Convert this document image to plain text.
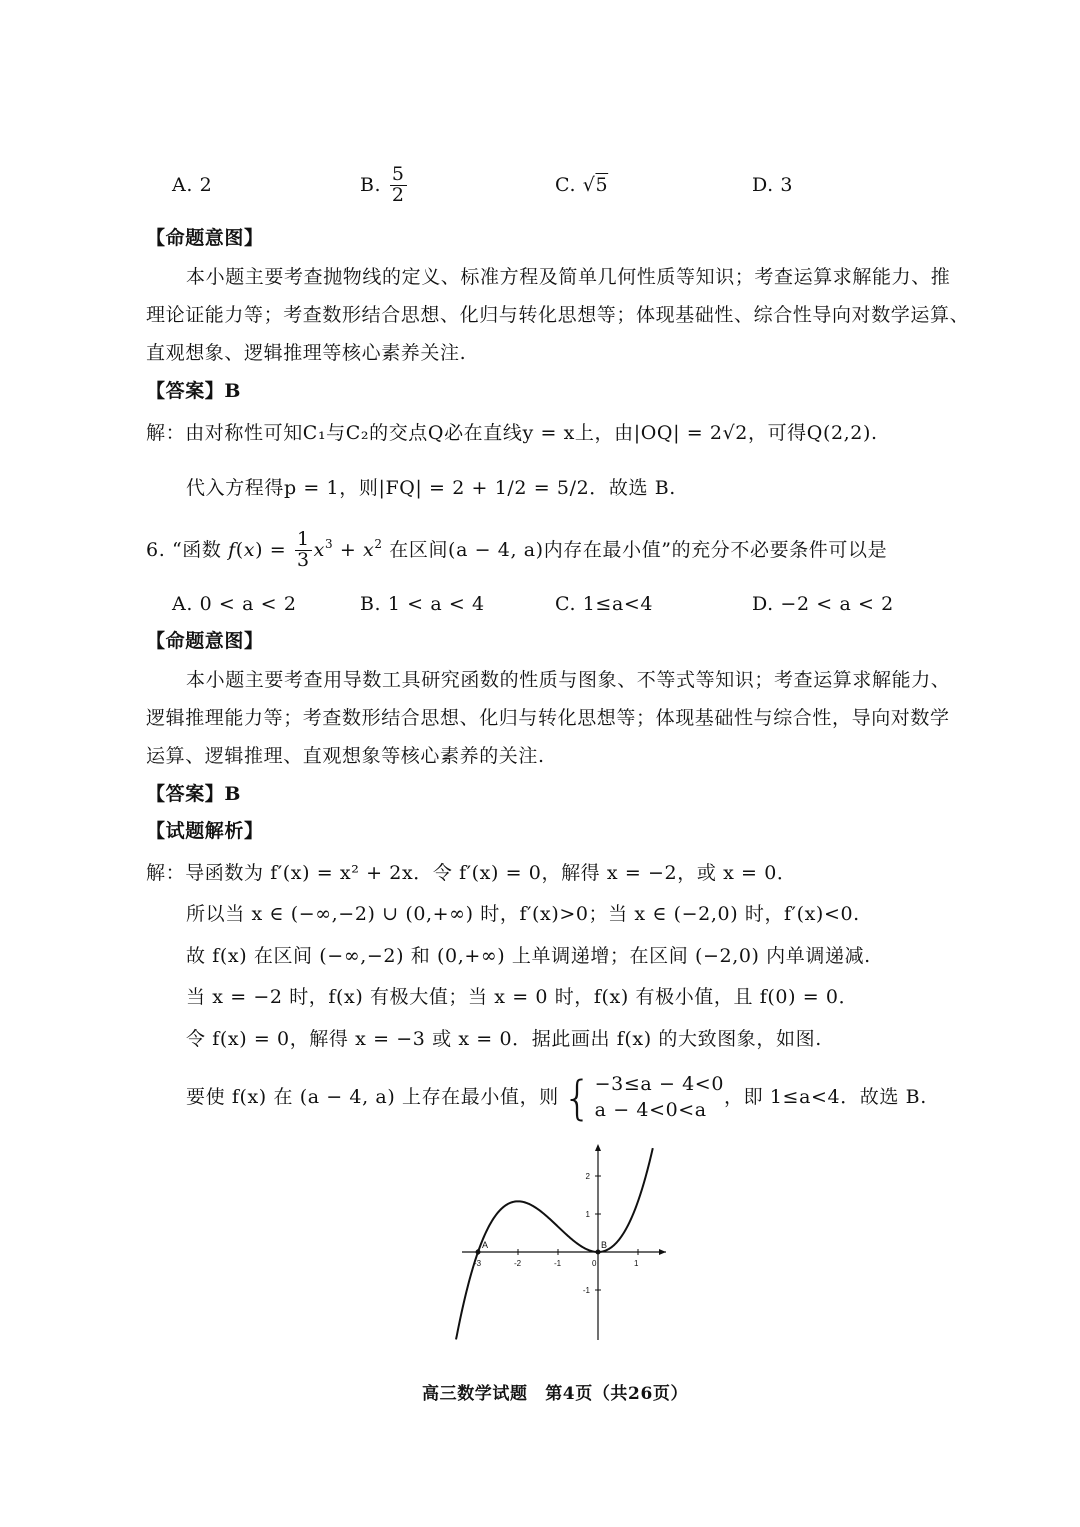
A. 2	B. $\frac{5}{2}$	C. √5	D. 3
【命题意图】
本小题主要考查抛物线的定义、标准方程及简单几何性质等知识；考查运算求解能力、推
理论证能力等；考查数形结合思想、化归与转化思想等；体现基础性、综合性导向对数学运算、
直观想象、逻辑推理等核心素养关注.
【答案】B
解：由对称性可知C₁与C₂的交点Q必在直线y = x上，由|OQ| = 2√2，可得Q(2,2).
代入方程得p = 1，则|FQ| = 2 + 1/2 = 5/2．故选 B.
6. “函数 $f(x) = \frac{1}{3} x^3 + x^2$ 在区间(a − 4, a)内存在最小值”的充分不必要条件可以是
A. 0 < a < 2	B. 1 < a < 4	C. 1≤a<4	D. −2 < a < 2
【命题意图】
本小题主要考查用导数工具研究函数的性质与图象、不等式等知识；考查运算求解能力、
逻辑推理能力等；考查数形结合思想、化归与转化思想等；体现基础性与综合性，导向对数学
运算、逻辑推理、直观想象等核心素养的关注.
【答案】B
【试题解析】
解：导函数为 f′(x) = x² + 2x．令 f′(x) = 0，解得 x = −2，或 x = 0．
所以当 x ∈ (−∞,−2) ∪ (0,+∞) 时，f′(x)>0；当 x ∈ (−2,0) 时，f′(x)<0.
故 f(x) 在区间 (−∞,−2) 和 (0,+∞) 上单调递增；在区间 (−2,0) 内单调递减.
当 x = −2 时，f(x) 有极大值；当 x = 0 时，f(x) 有极小值，且 f(0) = 0．
令 f(x) = 0，解得 x = −3 或 x = 0．据此画出 f(x) 的大致图象，如图.
要使 f(x) 在 (a − 4, a) 上存在最小值，则 { −3≤a − 4<0
a − 4<0<a
，即 1≤a<4．故选 B.
-3	-2	-1	0	1
2
1
-1
A	B
高三数学试题　第4页（共26页）
